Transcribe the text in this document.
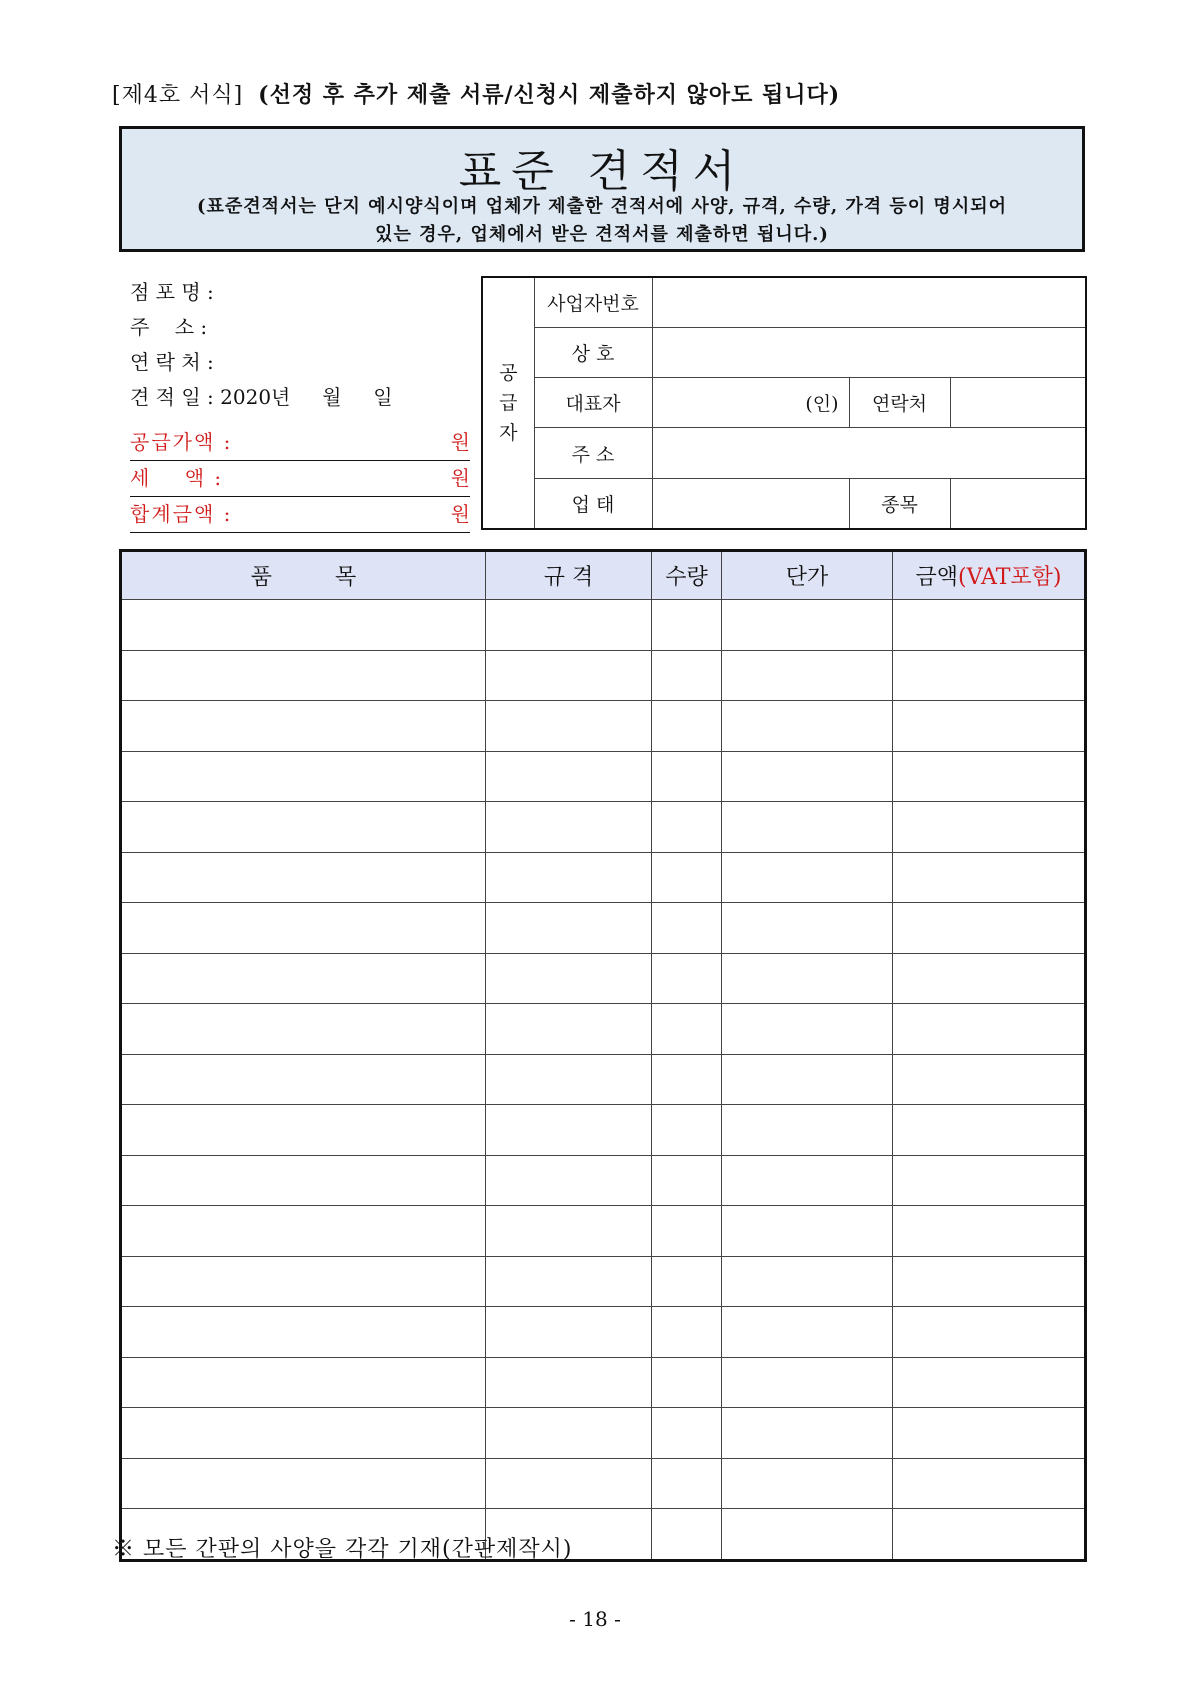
[제4호 서식] (선정 후 추가 제출 서류/신청시 제출하지 않아도 됩니다)
표준 견적서
(표준견적서는 단지 예시양식이며 업체가 제출한 견적서에 사양, 규격, 수량, 가격 등이 명시되어
있는 경우, 업체에서 받은 견적서를 제출하면 됩니다.)
점 포 명 :
주    소 :
연 락 처 :
견 적 일 : 2020년     월     일
공급가액 :	원
세    액 :	원
합계금액 :	원
공
급
자	사업자번호			
	상 호			
	대표자	(인)	연락처	
	주 소			
	업 태		종목	
품         목	규 격	수량	단가	금액(VAT포함)

※ 모든 간판의 사양을 각각 기재(간판제작시)
- 18 -
